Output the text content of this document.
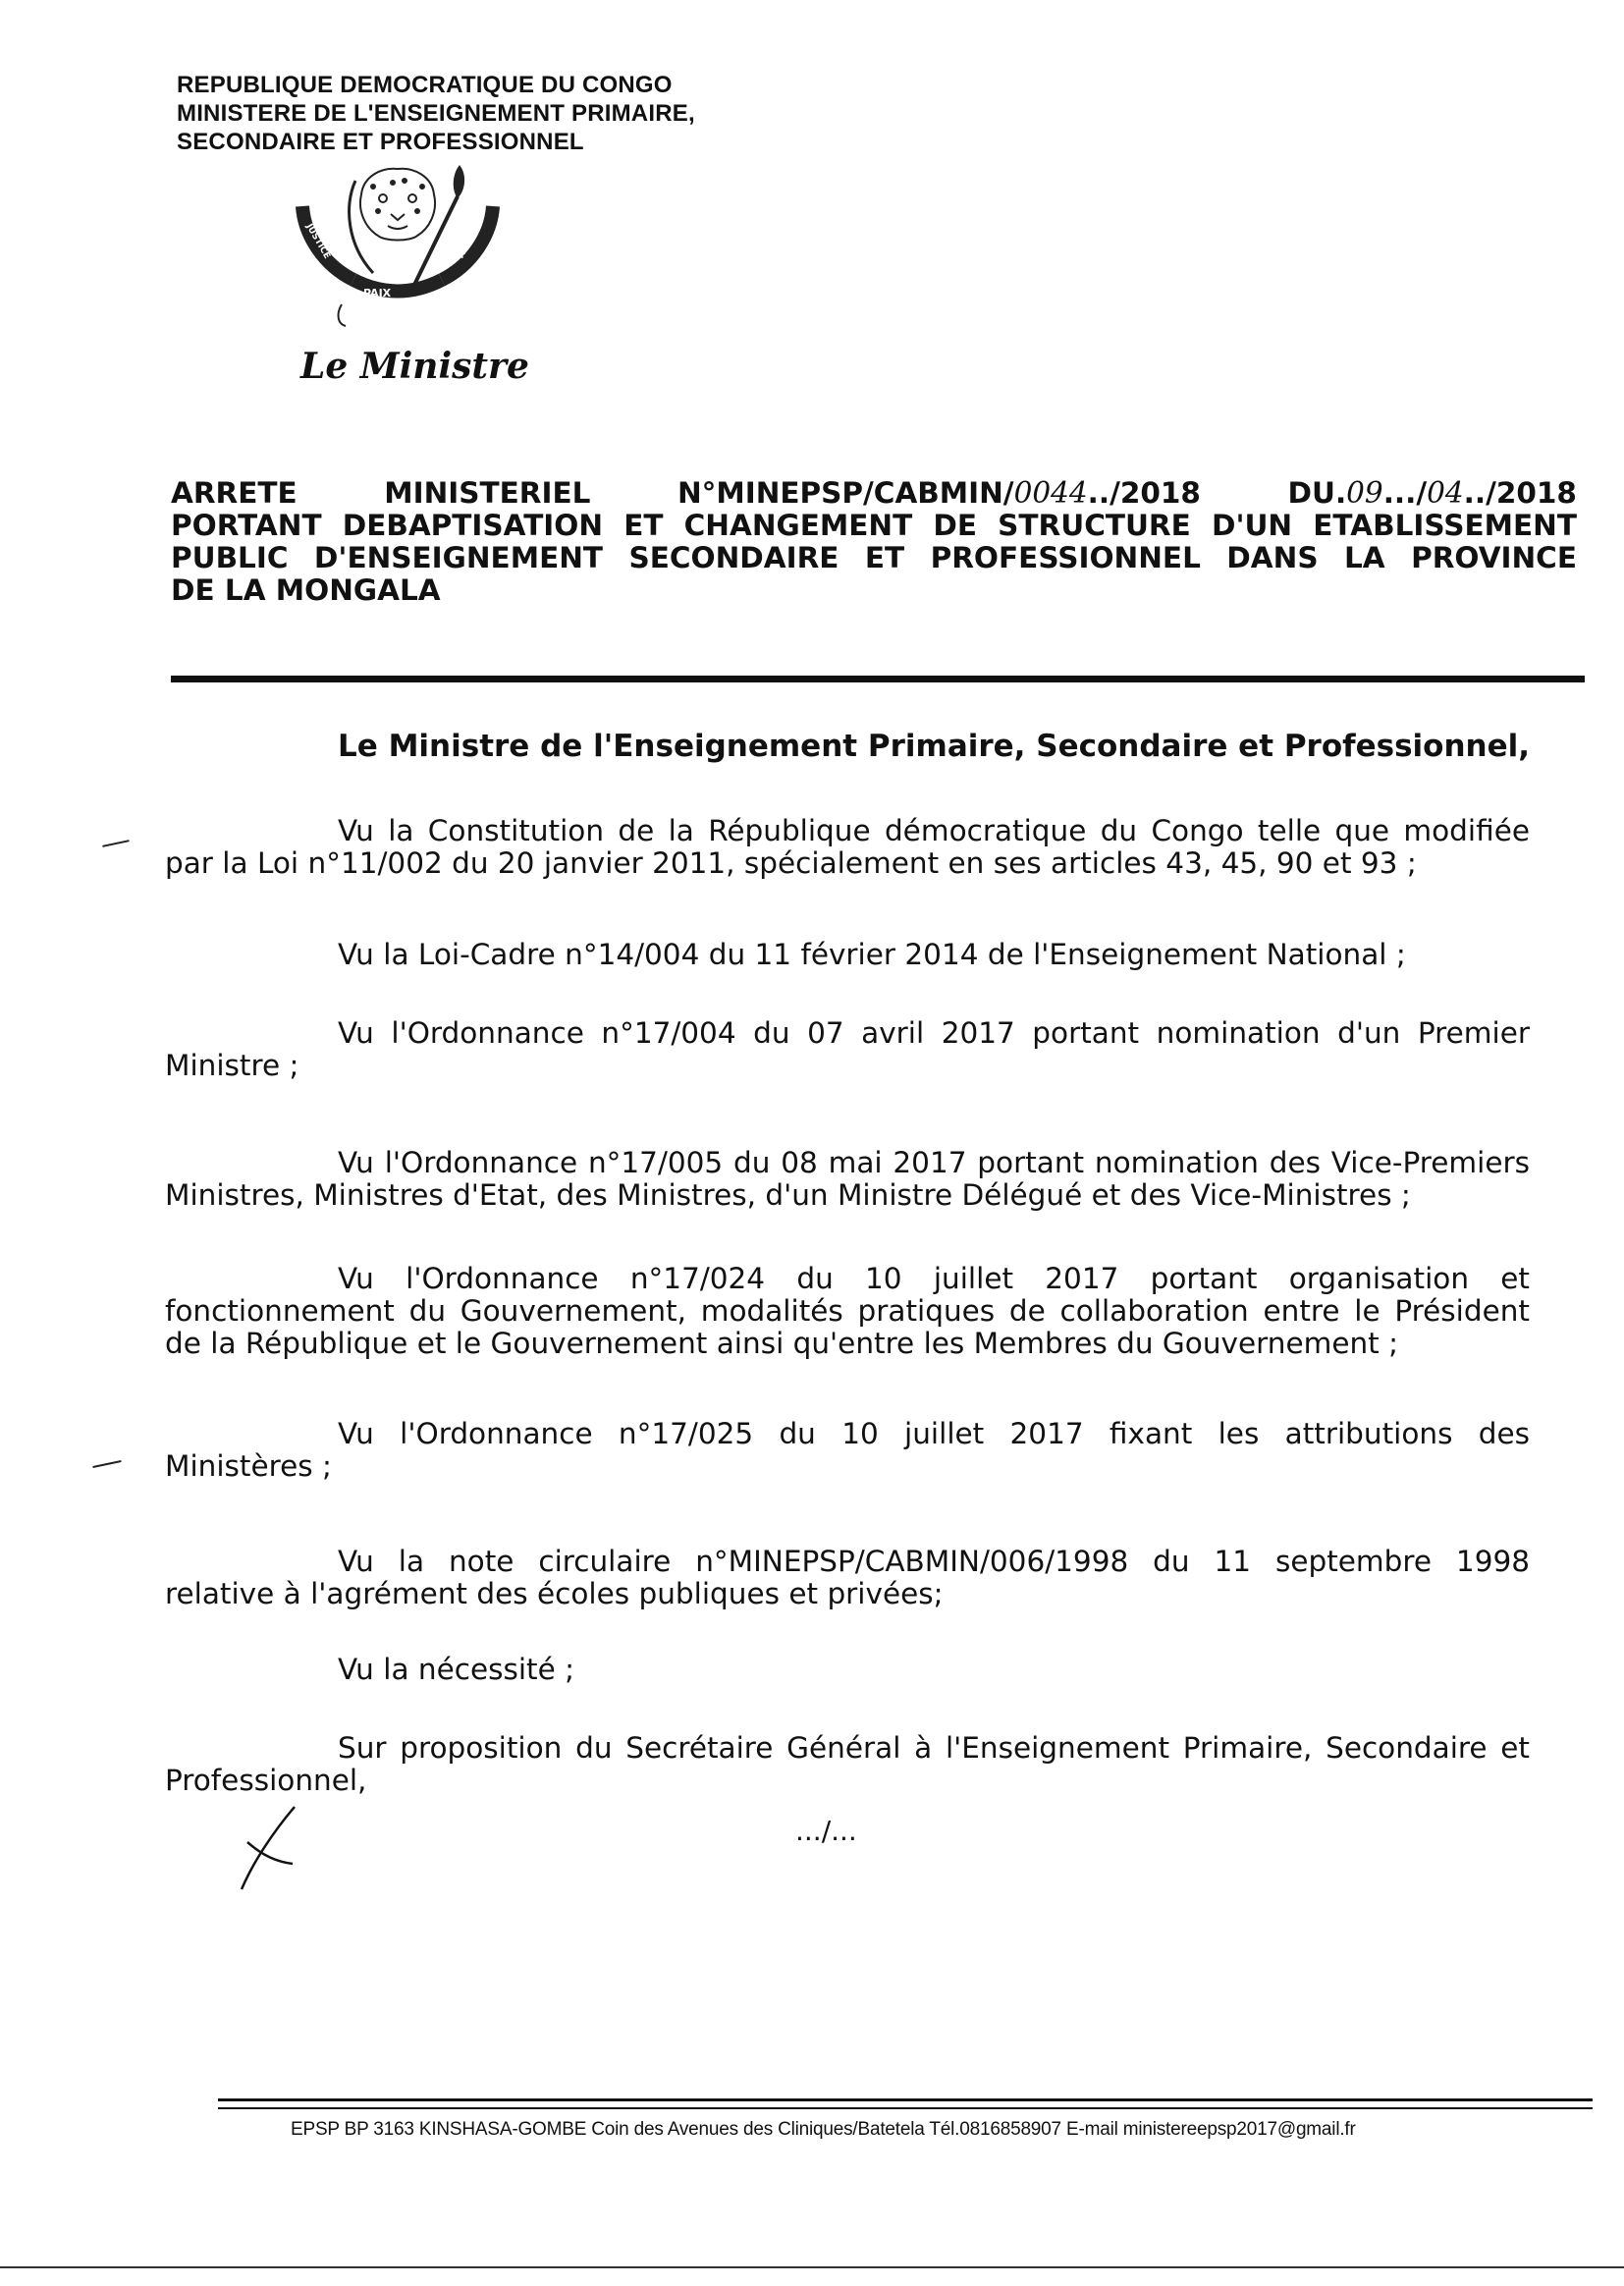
REPUBLIQUE DEMOCRATIQUE DU CONGO
MINISTERE DE L'ENSEIGNEMENT PRIMAIRE,
SECONDAIRE ET PROFESSIONNEL
PAIX
JUSTICE	TRAVAIL
Le Ministre
ARRETE	MINISTERIEL	N°MINEPSP/CABMIN/0044../2018	DU.09.../04../2018
PORTANT DEBAPTISATION ET CHANGEMENT DE STRUCTURE D'UN ETABLISSEMENT
PUBLIC D'ENSEIGNEMENT SECONDAIRE ET PROFESSIONNEL DANS LA PROVINCE
DE LA MONGALA
Le Ministre de l'Enseignement Primaire, Secondaire et Professionnel,
Vu la Constitution de la République démocratique du Congo telle que modifiée
par la Loi n°11/002 du 20 janvier 2011, spécialement en ses articles 43, 45, 90 et 93 ;
Vu la Loi-Cadre n°14/004 du 11 février 2014 de l'Enseignement National ;
Vu l'Ordonnance n°17/004 du 07 avril 2017 portant nomination d'un Premier
Ministre ;
Vu l'Ordonnance n°17/005 du 08 mai 2017 portant nomination des Vice-Premiers
Ministres, Ministres d'Etat, des Ministres, d'un Ministre Délégué et des Vice-Ministres ;
Vu l'Ordonnance n°17/024 du 10 juillet 2017 portant organisation et
fonctionnement du Gouvernement, modalités pratiques de collaboration entre le Président
de la République et le Gouvernement ainsi qu'entre les Membres du Gouvernement ;
Vu l'Ordonnance n°17/025 du 10 juillet 2017 fixant les attributions des
Ministères ;
Vu la note circulaire n°MINEPSP/CABMIN/006/1998 du 11 septembre 1998
relative à l'agrément des écoles publiques et privées;
Vu la nécessité ;
Sur proposition du Secrétaire Général à l'Enseignement Primaire, Secondaire et
Professionnel,
.../...
EPSP BP 3163 KINSHASA-GOMBE Coin des Avenues des Cliniques/Batetela Tél.0816858907 E-mail ministereepsp2017@gmail.fr
